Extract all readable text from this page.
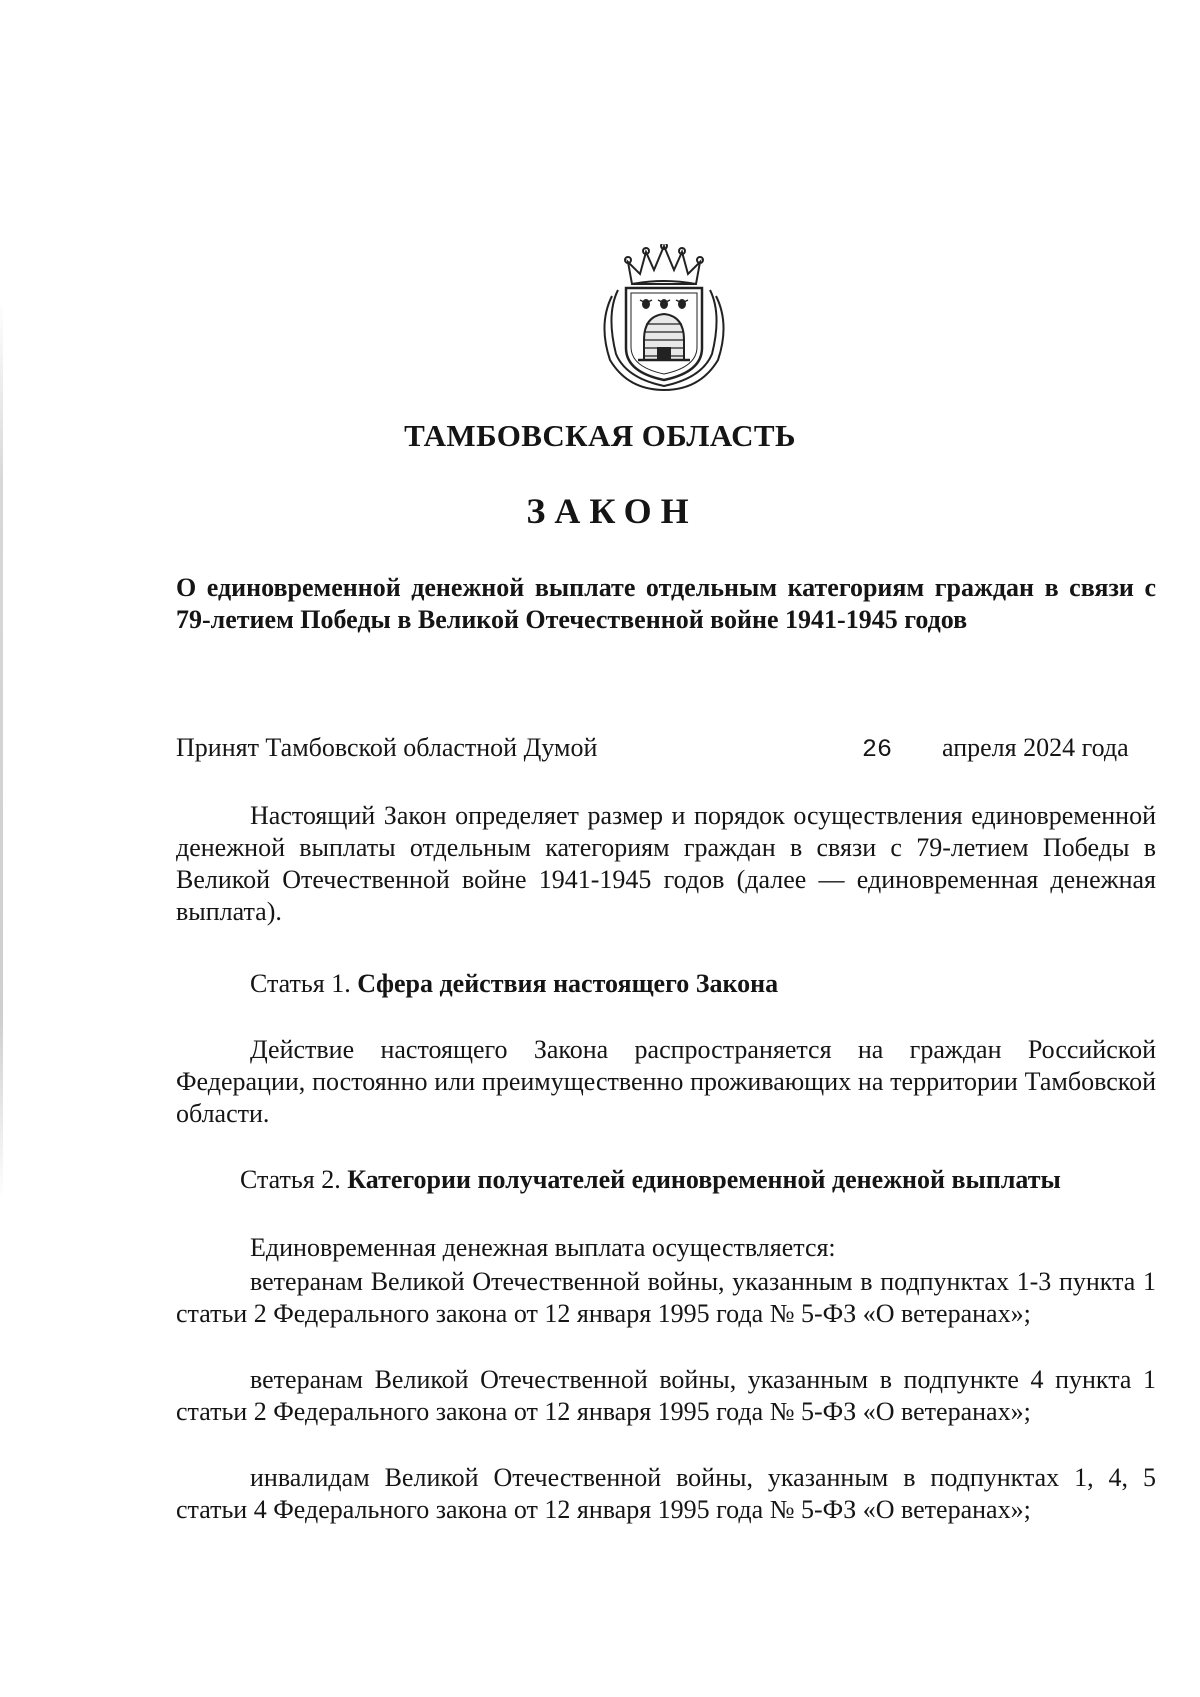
ТАМБОВСКАЯ ОБЛАСТЬ
ЗАКОН
О единовременной денежной выплате отдельным категориям граждан в связи с 79-летием Победы в Великой Отечественной войне 1941-1945 годов
Принят Тамбовской областной Думой	26 апреля 2024 года
Настоящий Закон определяет размер и порядок осуществления единовременной денежной выплаты отдельным категориям граждан в связи с 79-летием Победы в Великой Отечественной войне 1941-1945 годов (далее — единовременная денежная выплата).
Статья 1. Сфера действия настоящего Закона
Действие настоящего Закона распространяется на граждан Российской Федерации, постоянно или преимущественно проживающих на территории Тамбовской области.
Статья 2. Категории получателей единовременной денежной выплаты
Единовременная денежная выплата осуществляется:
ветеранам Великой Отечественной войны, указанным в подпунктах 1-3 пункта 1 статьи 2 Федерального закона от 12 января 1995 года № 5-ФЗ «О ветеранах»;
ветеранам Великой Отечественной войны, указанным в подпункте 4 пункта 1 статьи 2 Федерального закона от 12 января 1995 года № 5-ФЗ «О ветеранах»;
инвалидам Великой Отечественной войны, указанным в подпунктах 1, 4, 5 статьи 4 Федерального закона от 12 января 1995 года № 5-ФЗ «О ветеранах»;
